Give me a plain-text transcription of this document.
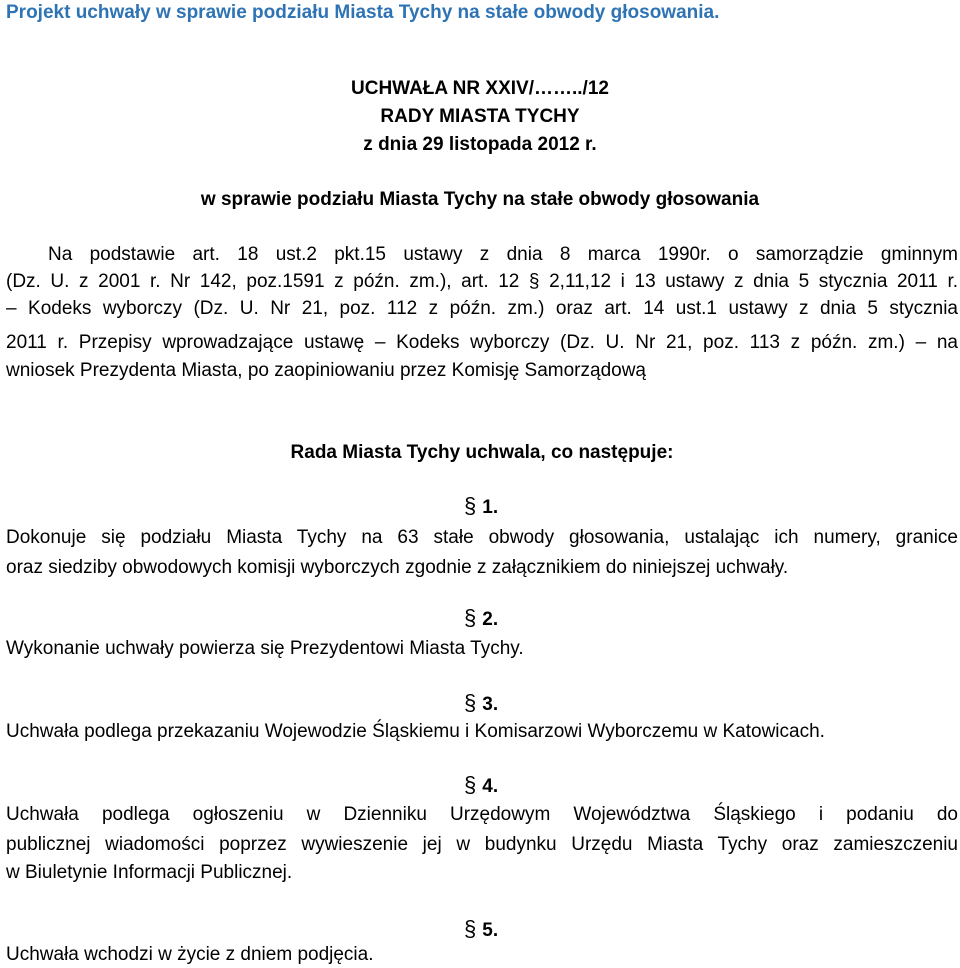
Projekt uchwały w sprawie podziału Miasta Tychy na stałe obwody głosowania.
UCHWAŁA NR XXIV/……../12
RADY MIASTA TYCHY
z dnia 29 listopada 2012 r.
w sprawie podziału Miasta Tychy na stałe obwody głosowania
Na podstawie art. 18 ust.2 pkt.15 ustawy z dnia 8 marca 1990r. o samorządzie gminnym
(Dz. U. z 2001 r. Nr 142, poz.1591 z późn. zm.), art. 12 § 2,11,12 i 13 ustawy z dnia 5 stycznia 2011 r.
– Kodeks wyborczy (Dz. U. Nr 21, poz. 112 z późn. zm.) oraz art. 14 ust.1 ustawy z dnia 5 stycznia
2011 r. Przepisy wprowadzające ustawę – Kodeks wyborczy (Dz. U. Nr 21, poz. 113 z późn. zm.) – na
wniosek Prezydenta Miasta, po zaopiniowaniu przez Komisję Samorządową
Rada Miasta Tychy uchwala, co następuje:
§ 1.
Dokonuje się podziału Miasta Tychy na 63 stałe obwody głosowania, ustalając ich numery, granice
oraz siedziby obwodowych komisji wyborczych zgodnie z załącznikiem do niniejszej uchwały.
§ 2.
Wykonanie uchwały powierza się Prezydentowi Miasta Tychy.
§ 3.
Uchwała podlega przekazaniu Wojewodzie Śląskiemu i Komisarzowi Wyborczemu w Katowicach.
§ 4.
Uchwała podlega ogłoszeniu w Dzienniku Urzędowym Województwa Śląskiego i podaniu do
publicznej wiadomości poprzez wywieszenie jej w budynku Urzędu Miasta Tychy oraz zamieszczeniu
w Biuletynie Informacji Publicznej.
§ 5.
Uchwała wchodzi w życie z dniem podjęcia.
